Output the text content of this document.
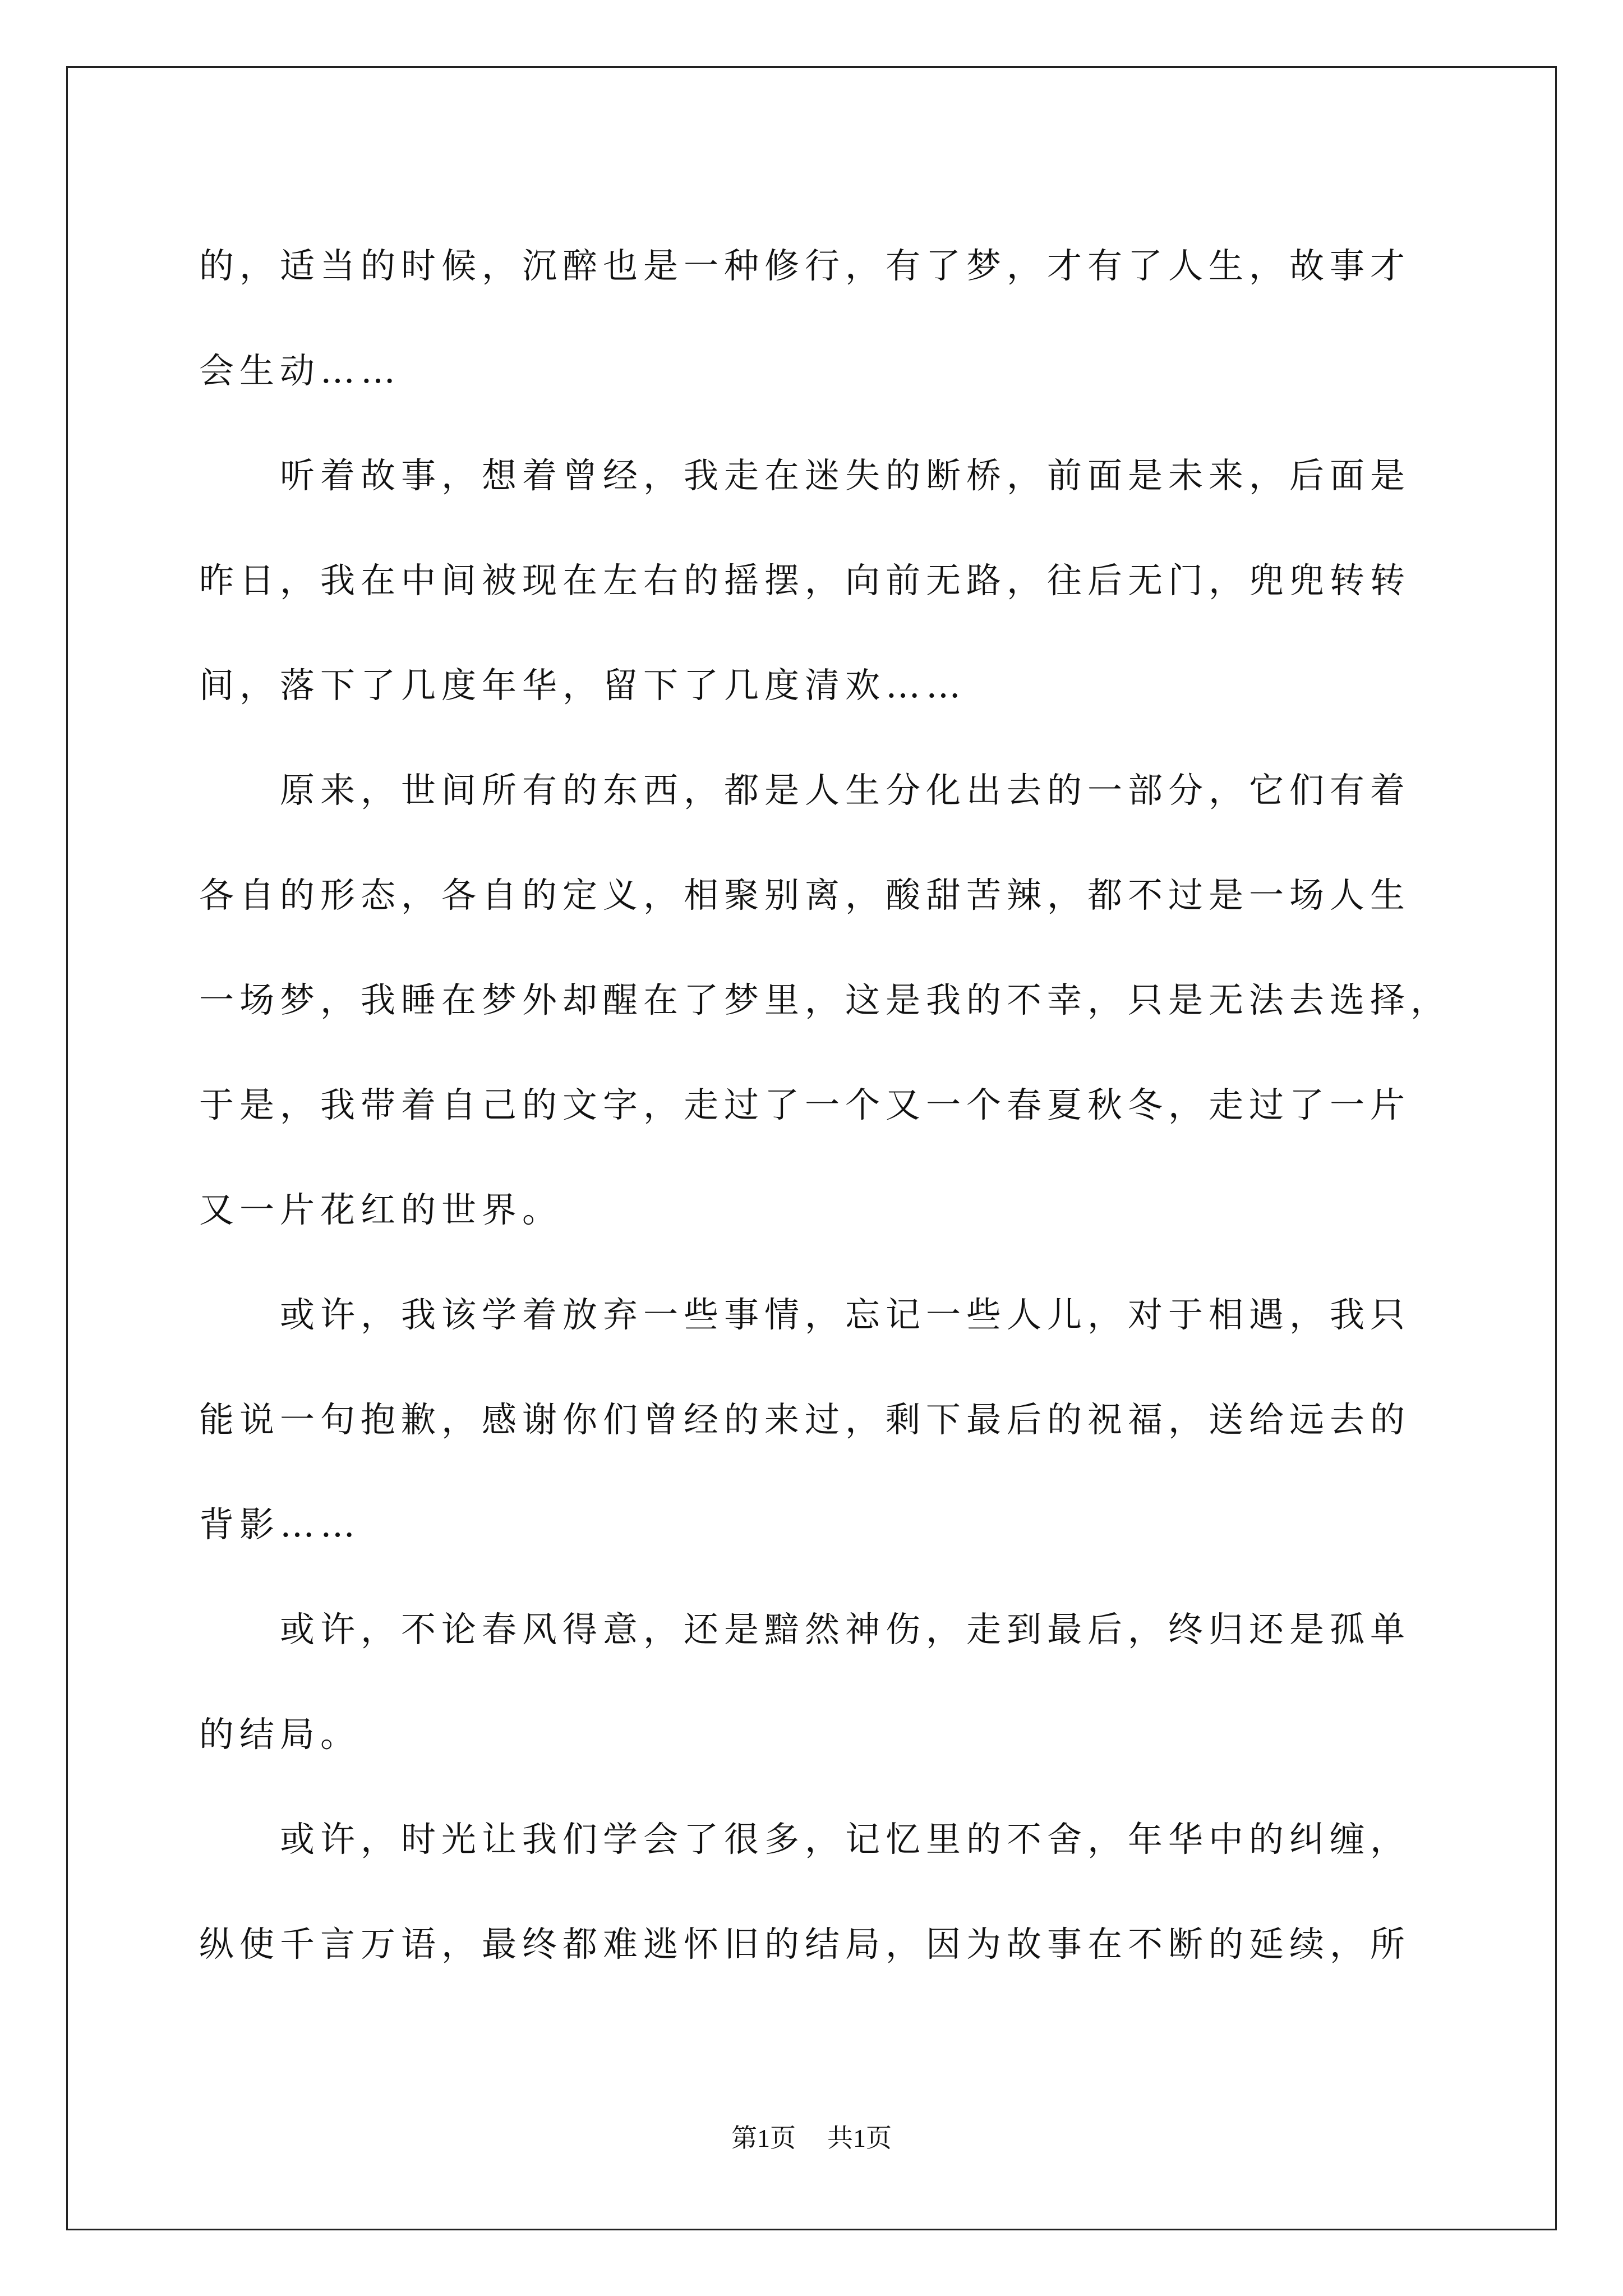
的，适当的时候，沉醉也是一种修行，有了梦，才有了人生，故事才

会生动……

　　听着故事，想着曾经，我走在迷失的断桥，前面是未来，后面是

昨日，我在中间被现在左右的摇摆，向前无路，往后无门，兜兜转转

间，落下了几度年华，留下了几度清欢……

　　原来，世间所有的东西，都是人生分化出去的一部分，它们有着

各自的形态，各自的定义，相聚别离，酸甜苦辣，都不过是一场人生

一场梦，我睡在梦外却醒在了梦里，这是我的不幸，只是无法去选择，

于是，我带着自己的文字，走过了一个又一个春夏秋冬，走过了一片

又一片花红的世界。

　　或许，我该学着放弃一些事情，忘记一些人儿，对于相遇，我只

能说一句抱歉，感谢你们曾经的来过，剩下最后的祝福，送给远去的

背影……

　　或许，不论春风得意，还是黯然神伤，走到最后，终归还是孤单

的结局。

　　或许，时光让我们学会了很多，记忆里的不舍，年华中的纠缠，

纵使千言万语，最终都难逃怀旧的结局，因为故事在不断的延续，所

第1页 共1页
